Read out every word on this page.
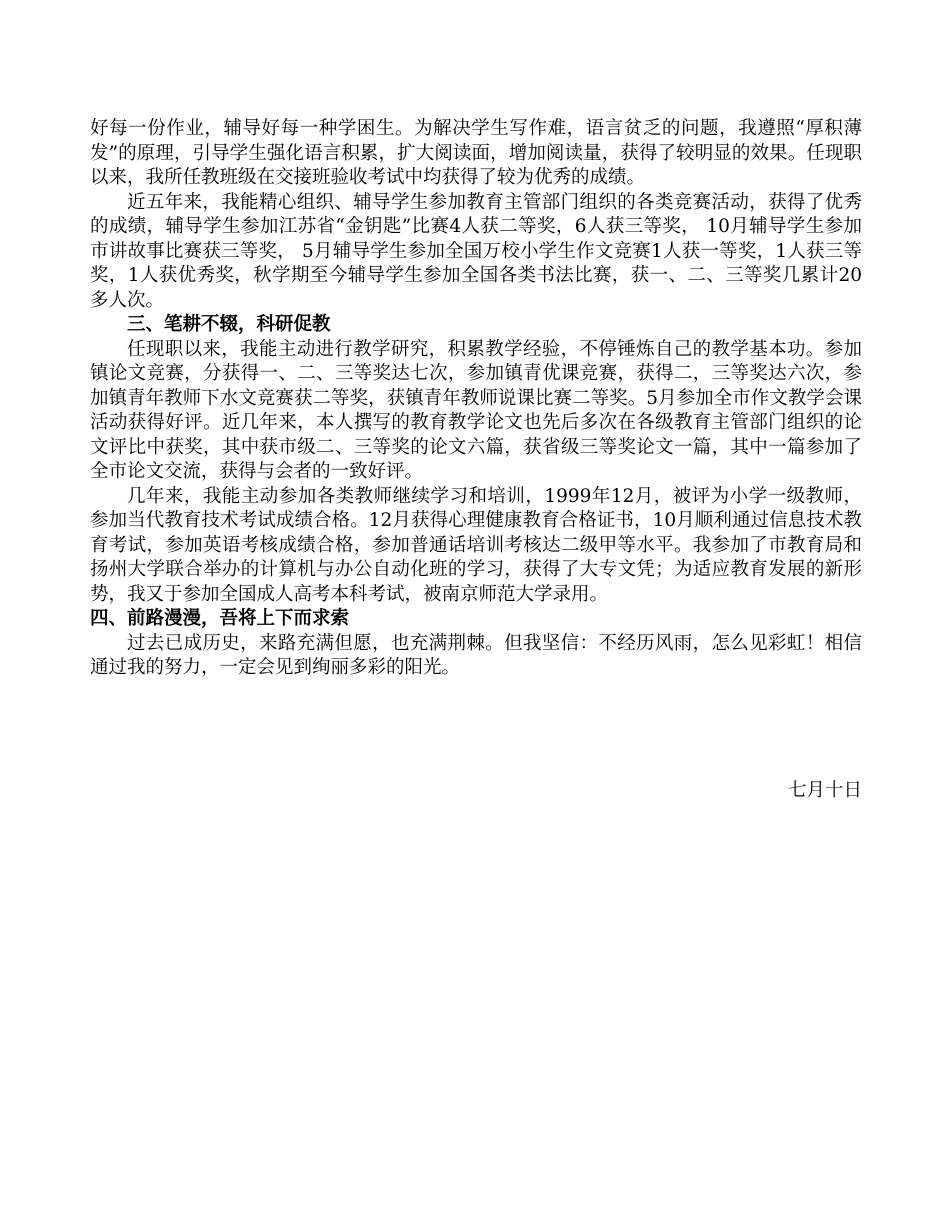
好每一份作业，辅导好每一种学困生。为解决学生写作难，语言贫乏的问题，我遵照“厚积薄发”的原理，引导学生强化语言积累，扩大阅读面，增加阅读量，获得了较明显的效果。任现职以来，我所任教班级在交接班验收考试中均获得了较为优秀的成绩。

近五年来，我能精心组织、辅导学生参加教育主管部门组织的各类竞赛活动，获得了优秀的成绩，辅导学生参加江苏省“金钥匙”比赛4人获二等奖，6人获三等奖， 10月辅导学生参加市讲故事比赛获三等奖， 5月辅导学生参加全国万校小学生作文竞赛1人获一等奖，1人获三等奖，1人获优秀奖，秋学期至今辅导学生参加全国各类书法比赛，获一、二、三等奖几累计20多人次。

三、笔耕不辍，科研促教

任现职以来，我能主动进行教学研究，积累教学经验，不停锤炼自己的教学基本功。参加镇论文竞赛，分获得一、二、三等奖达七次，参加镇青优课竞赛，获得二，三等奖达六次，参加镇青年教师下水文竞赛获二等奖，获镇青年教师说课比赛二等奖。5月参加全市作文教学会课活动获得好评。近几年来，本人撰写的教育教学论文也先后多次在各级教育主管部门组织的论文评比中获奖，其中获市级二、三等奖的论文六篇，获省级三等奖论文一篇，其中一篇参加了全市论文交流，获得与会者的一致好评。

几年来，我能主动参加各类教师继续学习和培训，1999年12月，被评为小学一级教师，参加当代教育技术考试成绩合格。12月获得心理健康教育合格证书，10月顺利通过信息技术教育考试，参加英语考核成绩合格，参加普通话培训考核达二级甲等水平。我参加了市教育局和扬州大学联合举办的计算机与办公自动化班的学习，获得了大专文凭；为适应教育发展的新形势，我又于参加全国成人高考本科考试，被南京师范大学录用。

四、前路漫漫，吾将上下而求索

过去已成历史，来路充满但愿，也充满荆棘。但我坚信：不经历风雨，怎么见彩虹！相信通过我的努力，一定会见到绚丽多彩的阳光。

七月十日
